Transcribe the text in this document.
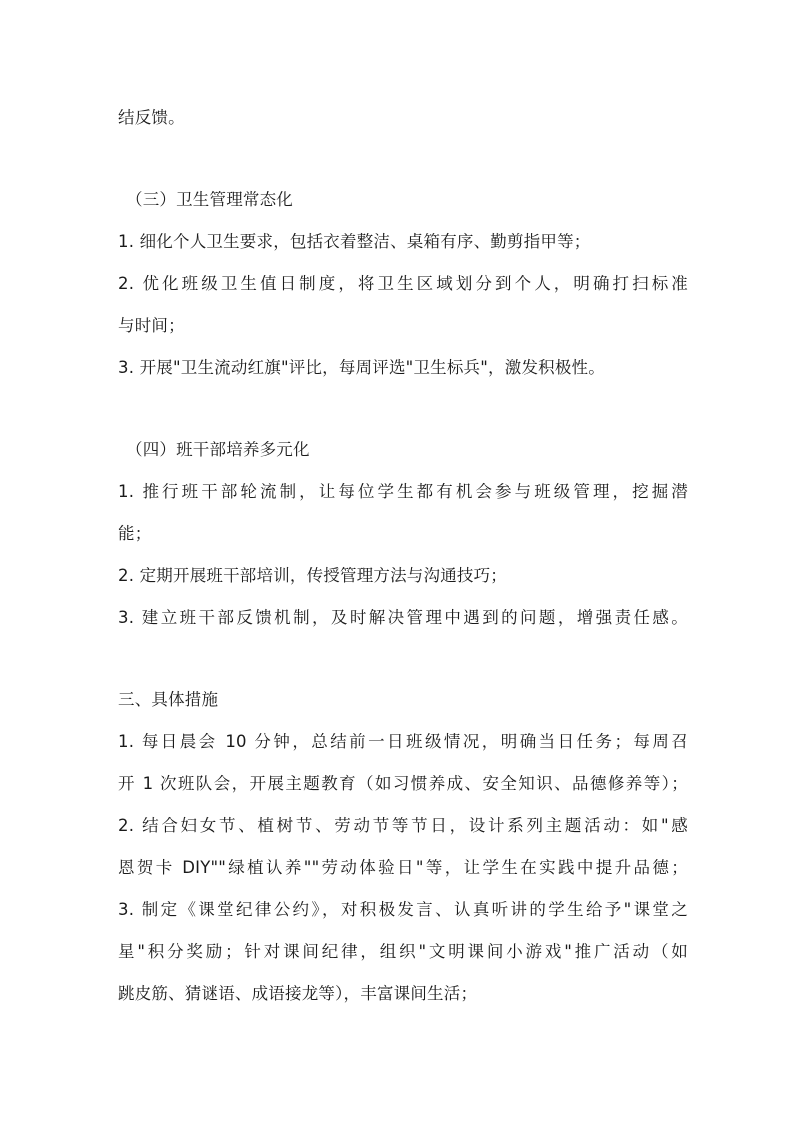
结反馈。
（三）卫生管理常态化
1. 细化个人卫生要求，包括衣着整洁、桌箱有序、勤剪指甲等；
2. 优化班级卫生值日制度，将卫生区域划分到个人，明确打扫标准
与时间；
3. 开展"卫生流动红旗"评比，每周评选"卫生标兵"，激发积极性。
（四）班干部培养多元化
1. 推行班干部轮流制，让每位学生都有机会参与班级管理，挖掘潜
能；
2. 定期开展班干部培训，传授管理方法与沟通技巧；
3. 建立班干部反馈机制，及时解决管理中遇到的问题，增强责任感。
三、具体措施
1. 每日晨会 10 分钟，总结前一日班级情况，明确当日任务；每周召
开 1 次班队会，开展主题教育（如习惯养成、安全知识、品德修养等）；
2. 结合妇女节、植树节、劳动节等节日，设计系列主题活动：如"感
恩贺卡 DIY""绿植认养""劳动体验日"等，让学生在实践中提升品德；
3. 制定《课堂纪律公约》，对积极发言、认真听讲的学生给予"课堂之
星"积分奖励；针对课间纪律，组织"文明课间小游戏"推广活动（如
跳皮筋、猜谜语、成语接龙等），丰富课间生活；
